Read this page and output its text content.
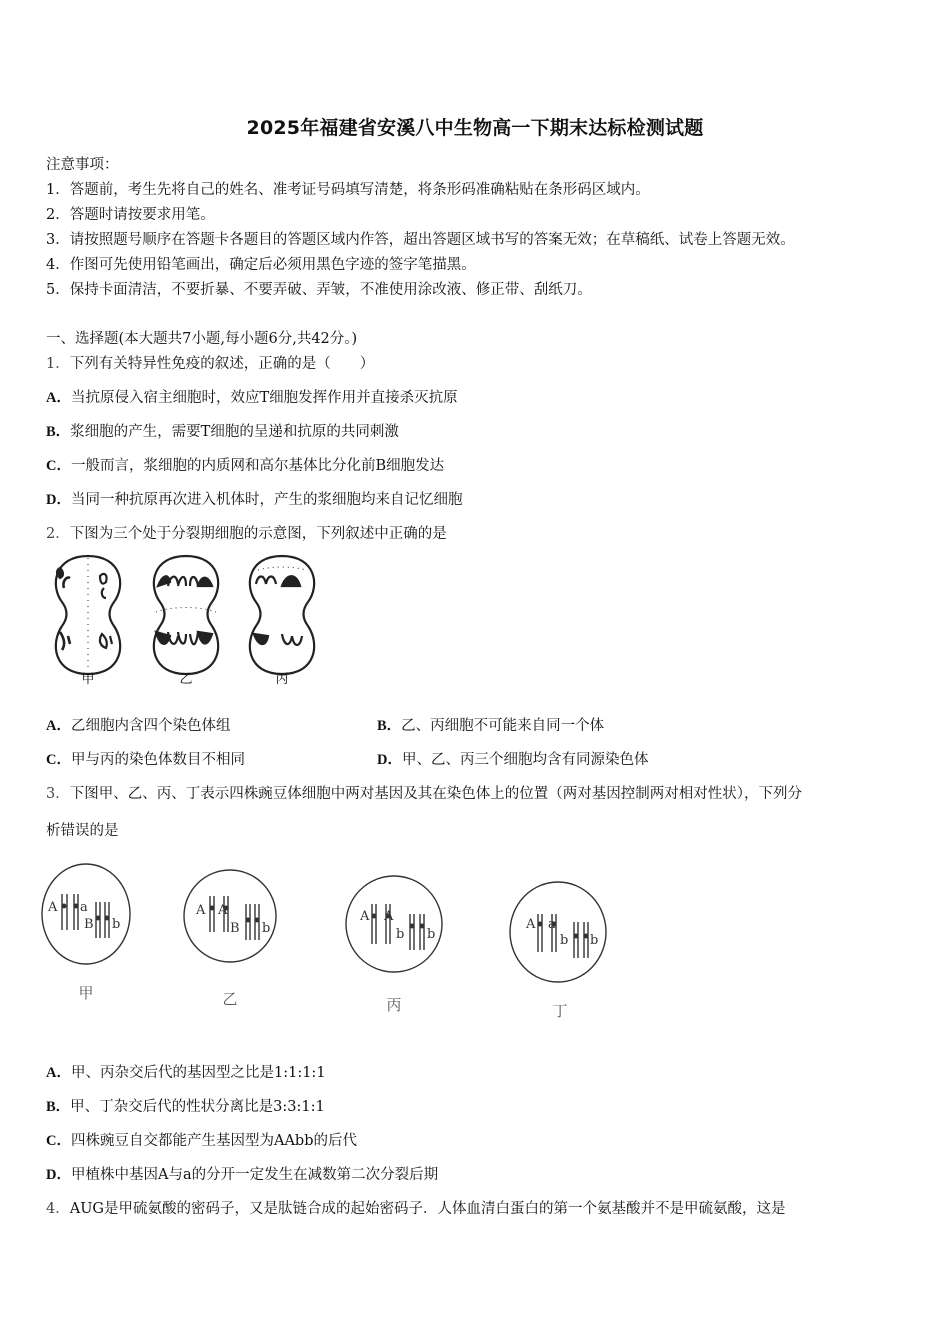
2025年福建省安溪八中生物高一下期末达标检测试题
注意事项：
1．答题前，考生先将自己的姓名、准考证号码填写清楚，将条形码准确粘贴在条形码区域内。
2．答题时请按要求用笔。
3．请按照题号顺序在答题卡各题目的答题区域内作答，超出答题区域书写的答案无效；在草稿纸、试卷上答题无效。
4．作图可先使用铅笔画出，确定后必须用黑色字迹的签字笔描黑。
5．保持卡面清洁，不要折暴、不要弄破、弄皱，不准使用涂改液、修正带、刮纸刀。
一、选择题(本大题共7小题,每小题6分,共42分。)
1．下列有关特异性免疫的叙述，正确的是（　　）
A．当抗原侵入宿主细胞时，效应T细胞发挥作用并直接杀灭抗原
B．浆细胞的产生，需要T细胞的呈递和抗原的共同刺激
C．一般而言，浆细胞的内质网和高尔基体比分化前B细胞发达
D．当同一种抗原再次进入机体时，产生的浆细胞均来自记忆细胞
2．下图为三个处于分裂期细胞的示意图，下列叙述中正确的是
甲	乙	丙
A．乙细胞内含四个染色体组	B．乙、丙细胞不可能来自同一个体
C．甲与丙的染色体数目不相同	D．甲、乙、丙三个细胞均含有同源染色体
3．下图甲、乙、丙、丁表示四株豌豆体细胞中两对基因及其在染色体上的位置（两对基因控制两对相对性状），下列分
析错误的是
A a
B b
A A
B b
A A
b b
A a
b b
甲	乙	丙	丁
A．甲、丙杂交后代的基因型之比是1:1:1:1
B．甲、丁杂交后代的性状分离比是3:3:1:1
C．四株豌豆自交都能产生基因型为AAbb的后代
D．甲植株中基因A与a的分开一定发生在减数第二次分裂后期
4．AUG是甲硫氨酸的密码子，又是肽链合成的起始密码子．人体血清白蛋白的第一个氨基酸并不是甲硫氨酸，这是
